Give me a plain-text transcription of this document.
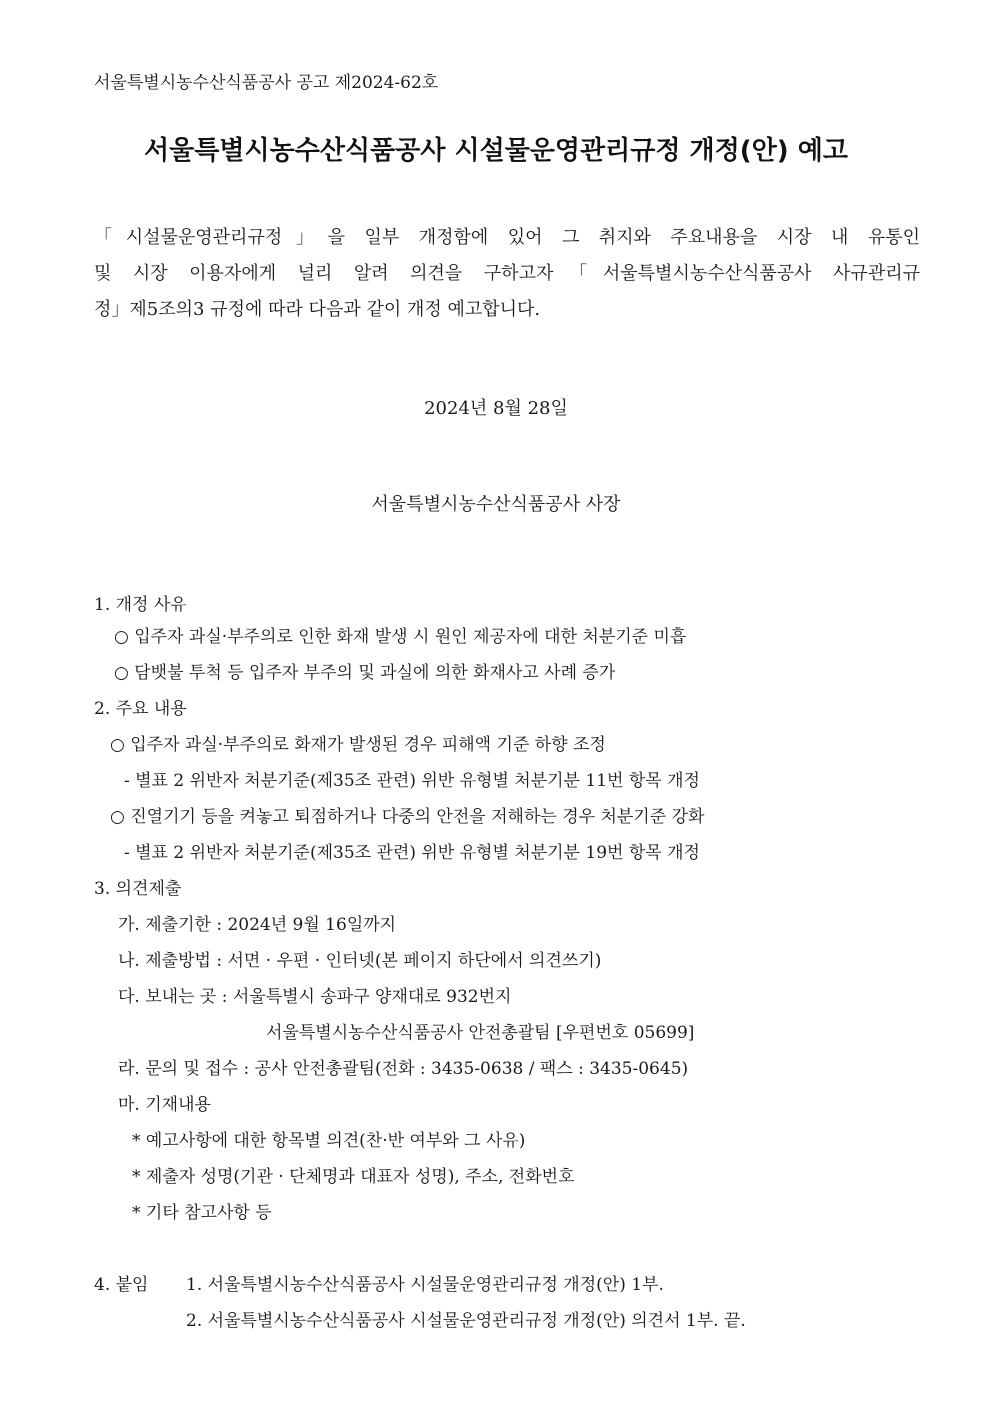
서울특별시농수산식품공사 공고 제2024-62호
서울특별시농수산식품공사 시설물운영관리규정 개정(안) 예고

「시설물운영관리규정」을 일부 개정함에 있어 그 취지와 주요내용을 시장 내 유통인

및 시장 이용자에게 널리 알려 의견을 구하고자「서울특별시농수산식품공사 사규관리규

정」제5조의3 규정에 따라 다음과 같이 개정 예고합니다.

2024년 8월 28일
서울특별시농수산식품공사 사장
1. 개정 사유
○ 입주자 과실·부주의로 인한 화재 발생 시 원인 제공자에 대한 처분기준 미흡
○ 담뱃불 투척 등 입주자 부주의 및 과실에 의한 화재사고 사례 증가
2. 주요 내용
○ 입주자 과실·부주의로 화재가 발생된 경우 피해액 기준 하향 조정
- 별표 2 위반자 처분기준(제35조 관련) 위반 유형별 처분기분 11번 항목 개정
○ 진열기기 등을 켜놓고 퇴점하거나 다중의 안전을 저해하는 경우 처분기준 강화
- 별표 2 위반자 처분기준(제35조 관련) 위반 유형별 처분기분 19번 항목 개정
3. 의견제출
가. 제출기한 : 2024년 9월 16일까지
나. 제출방법 : 서면 · 우편 · 인터넷(본 페이지 하단에서 의견쓰기)
다. 보내는 곳 : 서울특별시 송파구 양재대로 932번지
서울특별시농수산식품공사 안전총괄팀 [우편번호 05699]
라. 문의 및 접수 : 공사 안전총괄팀(전화 : 3435-0638 / 팩스 : 3435-0645)
마. 기재내용
* 예고사항에 대한 항목별 의견(찬·반 여부와 그 사유)
* 제출자 성명(기관 · 단체명과 대표자 성명), 주소, 전화번호
* 기타 참고사항 등
4. 붙임 1. 서울특별시농수산식품공사 시설물운영관리규정 개정(안) 1부.
2. 서울특별시농수산식품공사 시설물운영관리규정 개정(안) 의견서 1부. 끝.
